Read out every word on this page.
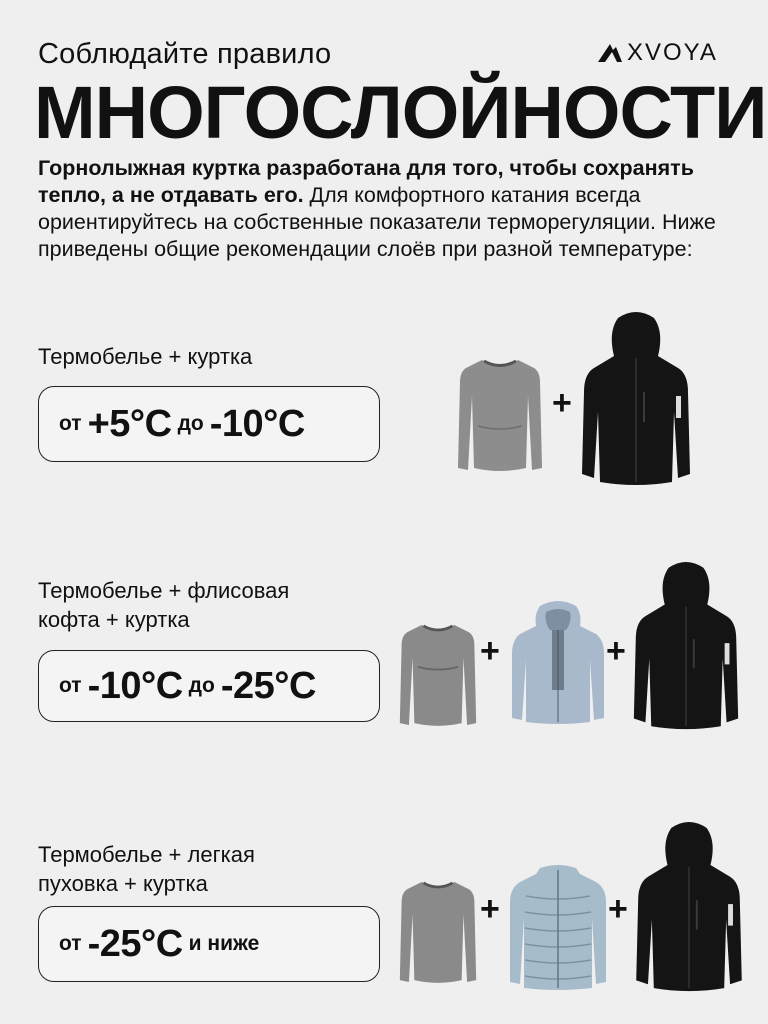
Соблюдайте правило	XVOYA
МНОГОСЛОЙНОСТИ
Горнолыжная куртка разработана для того, чтобы сохранять тепло, а не отдавать его. Для комфортного катания всегда ориентируйтесь на собственные показатели терморегуляции. Ниже приведены общие рекомендации слоёв при разной температуре:
Термобелье + куртка
от +5°C до -10°C	+
Термобелье + флисовая
кофта + куртка
от -10°C до -25°C
+	+
Термобелье + легкая
пуховка + куртка
от -25°C и ниже
+	+
